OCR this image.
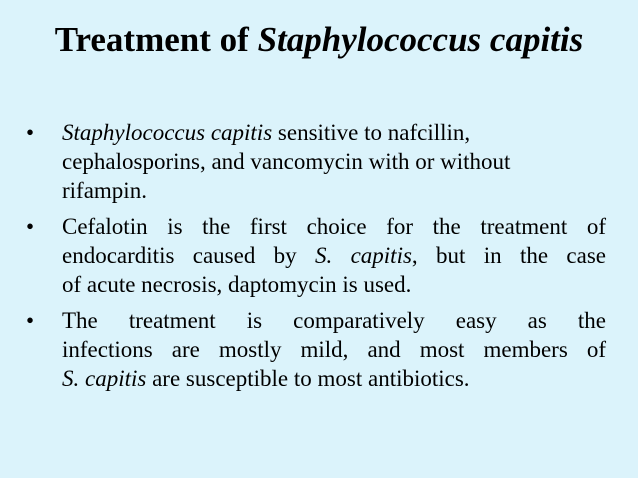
Treatment of Staphylococcus capitis
•	Staphylococcus capitis sensitive to nafcillin,
cephalosporins, and vancomycin with or without
rifampin.
•	Cefalotin is the first choice for the treatment of
endocarditis caused by S. capitis, but in the case
of acute necrosis, daptomycin is used.
•	The treatment is comparatively easy as the
infections are mostly mild, and most members of
S. capitis are susceptible to most antibiotics.
